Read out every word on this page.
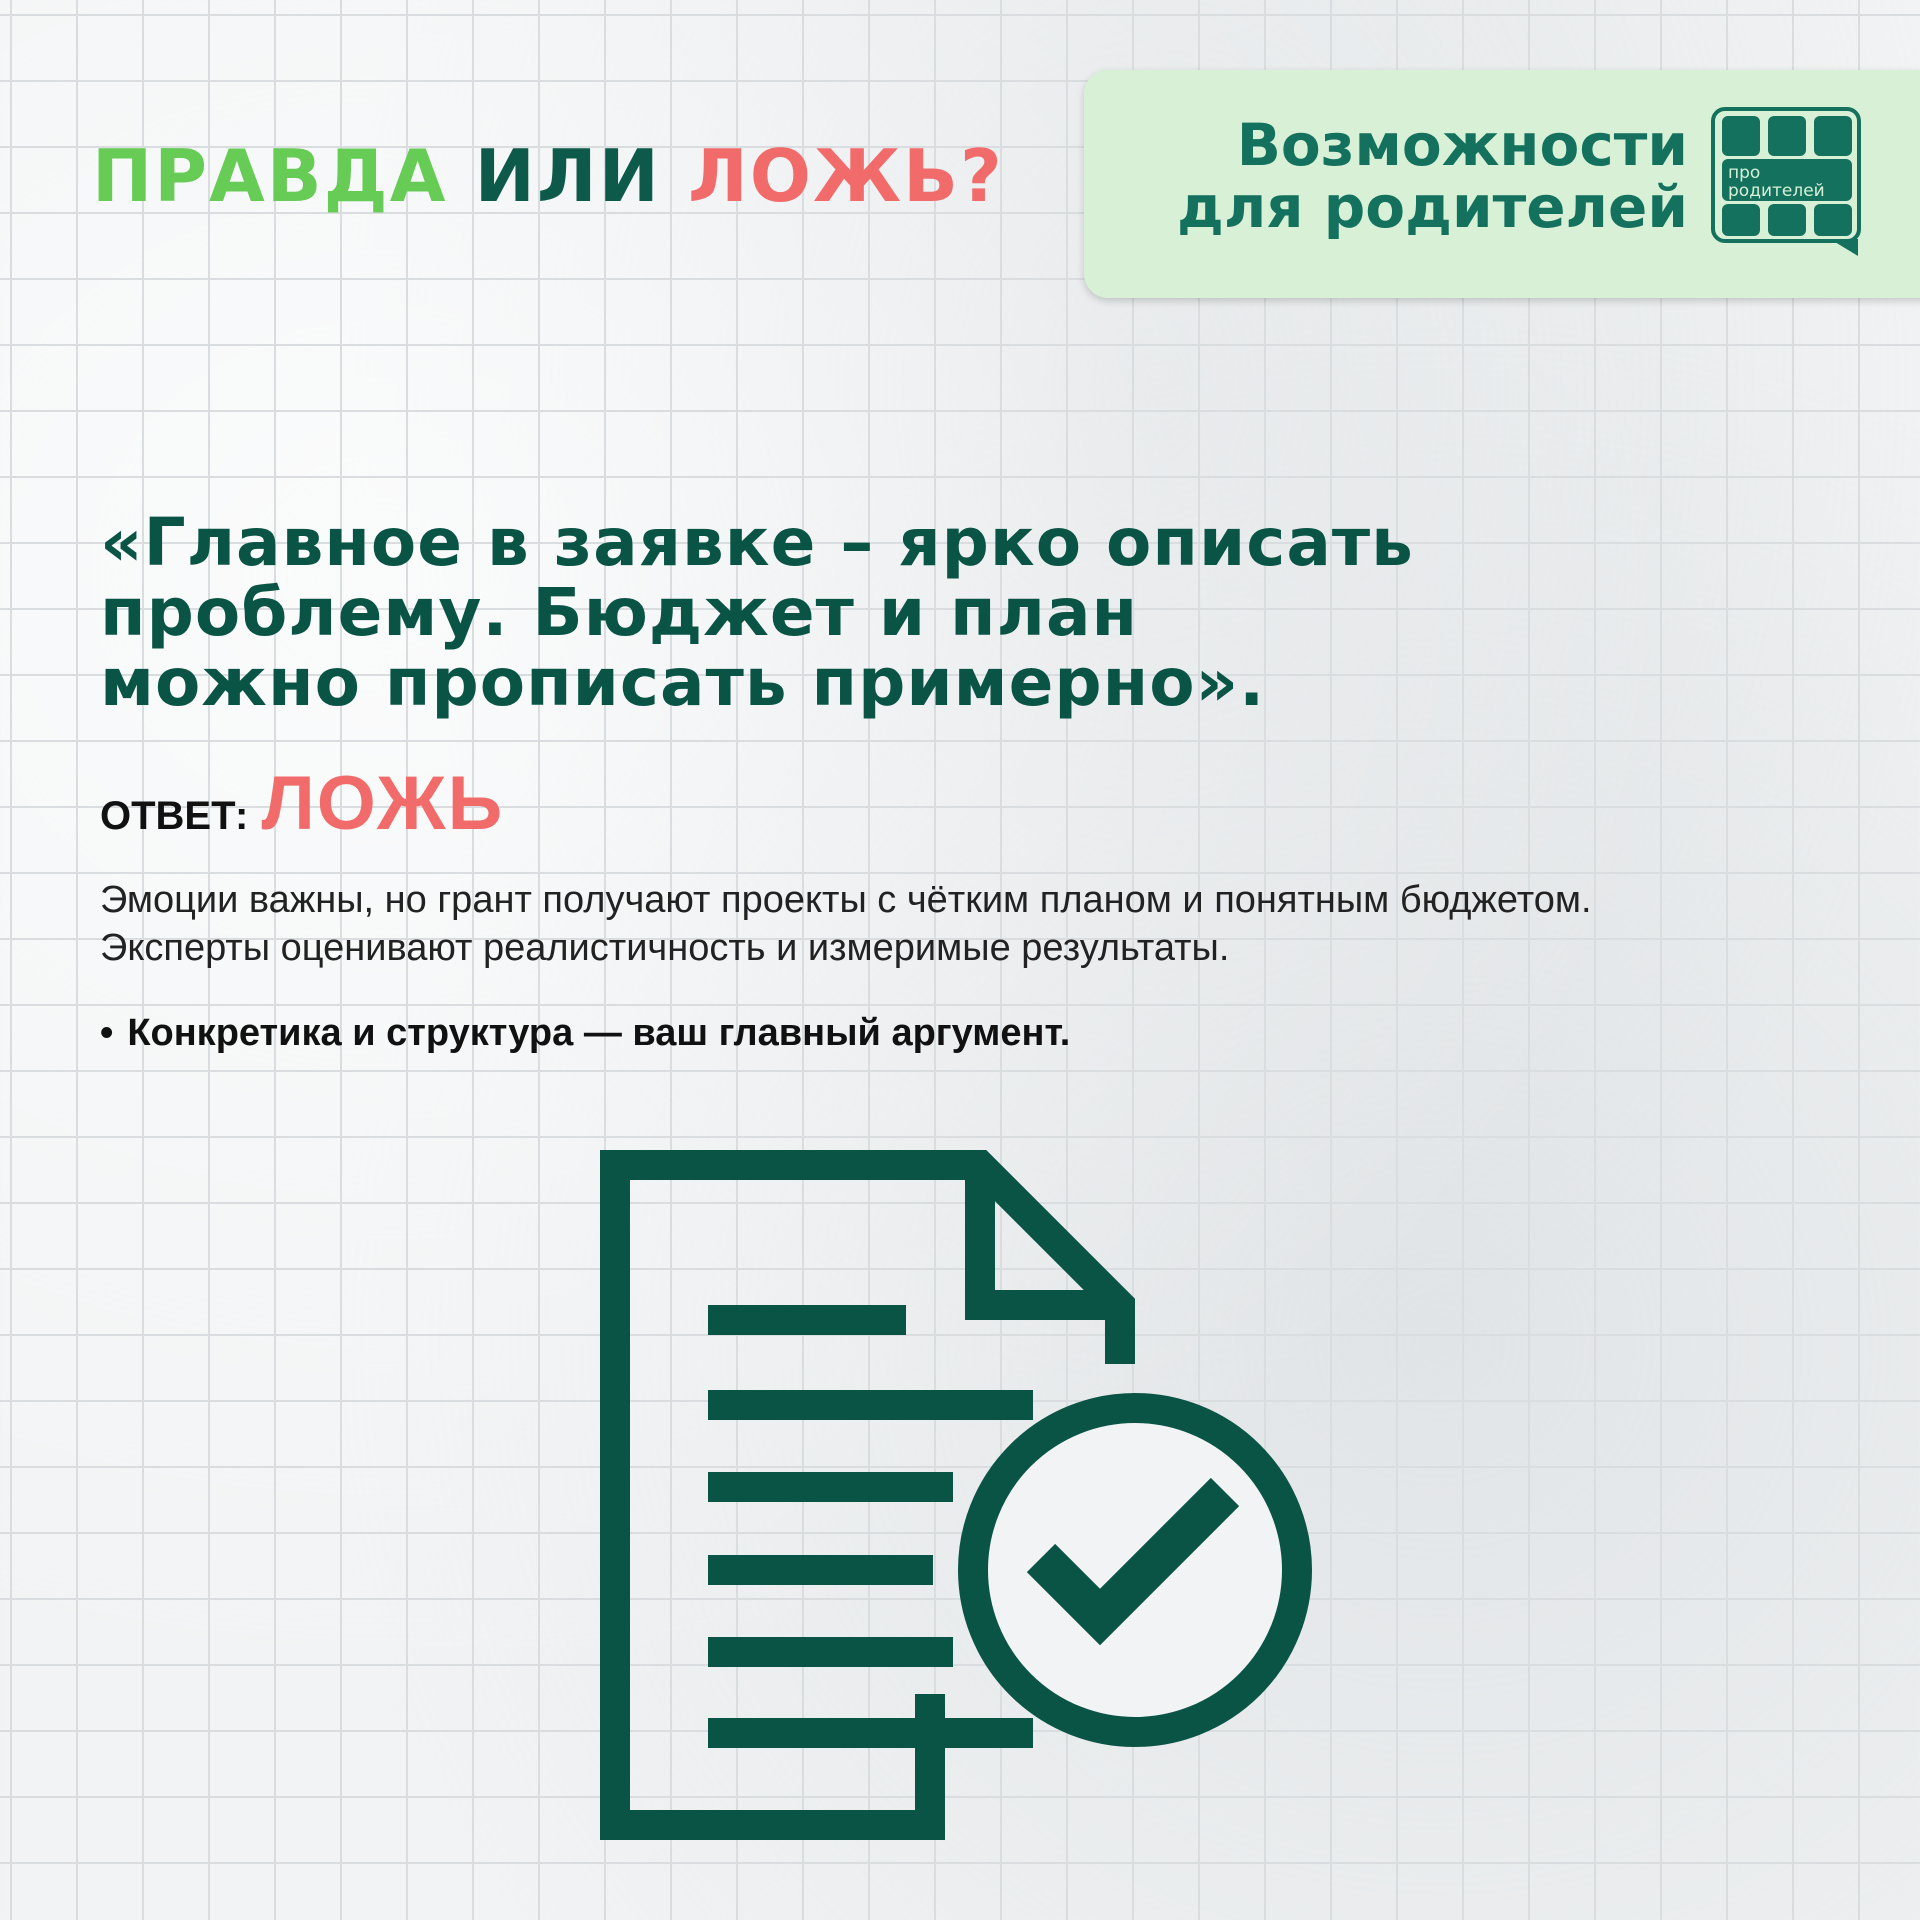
ПРАВДА ИЛИ ЛОЖЬ?	Возможности
для родителей про
родителей
«Главное в заявке – ярко описать
проблему. Бюджет и план
можно прописать примерно».
ОТВЕТ: ЛОЖЬ
Эмоции важны, но грант получают проекты с чётким планом и понятным бюджетом.
Эксперты оценивают реалистичность и измеримые результаты.

• Конкретика и структура — ваш главный аргумент.
